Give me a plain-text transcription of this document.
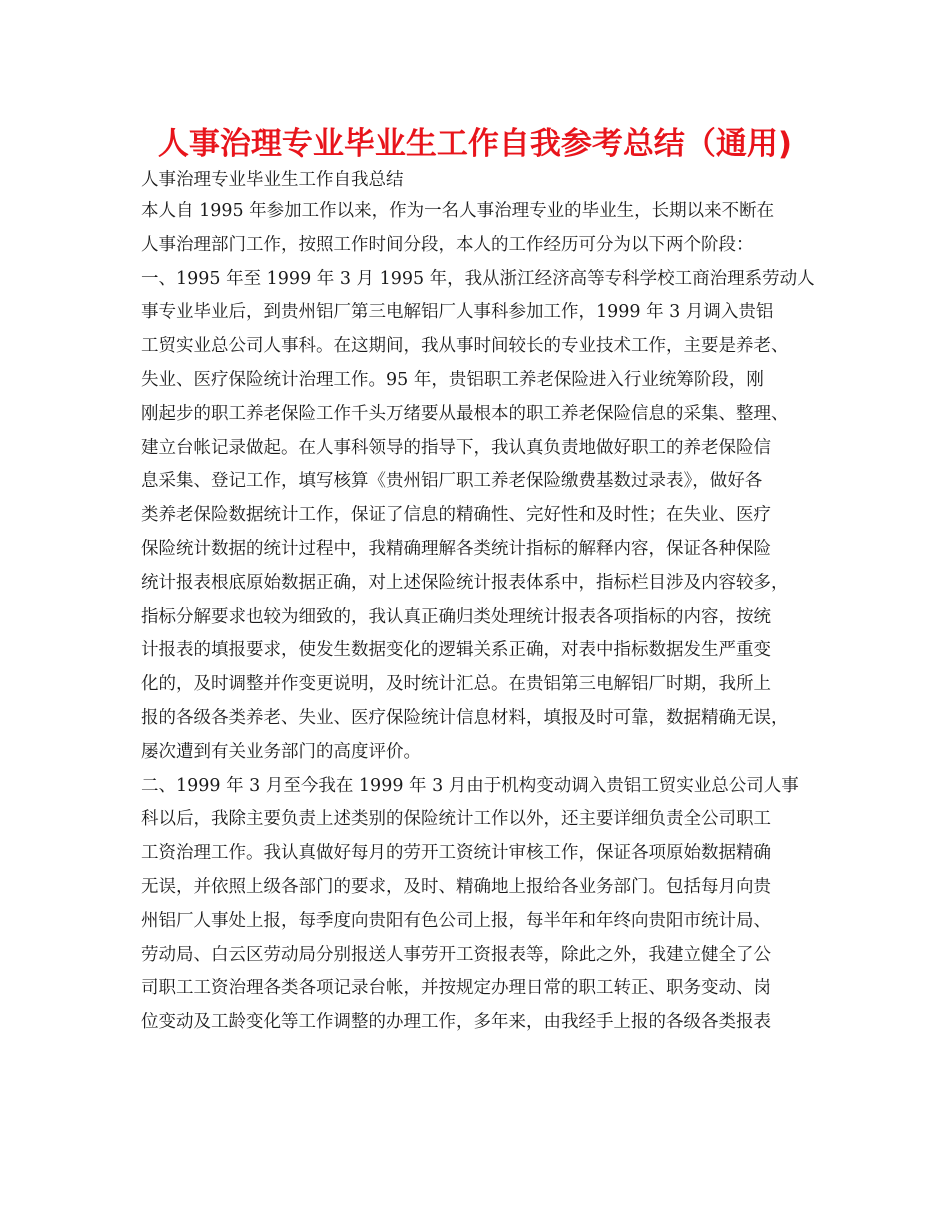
人事治理专业毕业生工作自我参考总结（通用)
人事治理专业毕业生工作自我总结
本人自 1995 年参加工作以来，作为一名人事治理专业的毕业生，长期以来不断在
人事治理部门工作，按照工作时间分段，本人的工作经历可分为以下两个阶段：
一、1995 年至 1999 年 3 月 1995 年，我从浙江经济高等专科学校工商治理系劳动人
事专业毕业后，到贵州铝厂第三电解铝厂人事科参加工作，1999 年 3 月调入贵铝
工贸实业总公司人事科。在这期间，我从事时间较长的专业技术工作，主要是养老、
失业、医疗保险统计治理工作。95 年，贵铝职工养老保险进入行业统筹阶段，刚
刚起步的职工养老保险工作千头万绪要从最根本的职工养老保险信息的采集、整理、
建立台帐记录做起。在人事科领导的指导下，我认真负责地做好职工的养老保险信
息采集、登记工作，填写核算《贵州铝厂职工养老保险缴费基数过录表》，做好各
类养老保险数据统计工作，保证了信息的精确性、完好性和及时性；在失业、医疗
保险统计数据的统计过程中，我精确理解各类统计指标的解释内容，保证各种保险
统计报表根底原始数据正确，对上述保险统计报表体系中，指标栏目涉及内容较多，
指标分解要求也较为细致的，我认真正确归类处理统计报表各项指标的内容，按统
计报表的填报要求，使发生数据变化的逻辑关系正确，对表中指标数据发生严重变
化的，及时调整并作变更说明，及时统计汇总。在贵铝第三电解铝厂时期，我所上
报的各级各类养老、失业、医疗保险统计信息材料，填报及时可靠，数据精确无误，
屡次遭到有关业务部门的高度评价。
二、1999 年 3 月至今我在 1999 年 3 月由于机构变动调入贵铝工贸实业总公司人事
科以后，我除主要负责上述类别的保险统计工作以外，还主要详细负责全公司职工
工资治理工作。我认真做好每月的劳开工资统计审核工作，保证各项原始数据精确
无误，并依照上级各部门的要求，及时、精确地上报给各业务部门。包括每月向贵
州铝厂人事处上报，每季度向贵阳有色公司上报，每半年和年终向贵阳市统计局、
劳动局、白云区劳动局分别报送人事劳开工资报表等，除此之外，我建立健全了公
司职工工资治理各类各项记录台帐，并按规定办理日常的职工转正、职务变动、岗
位变动及工龄变化等工作调整的办理工作，多年来，由我经手上报的各级各类报表
